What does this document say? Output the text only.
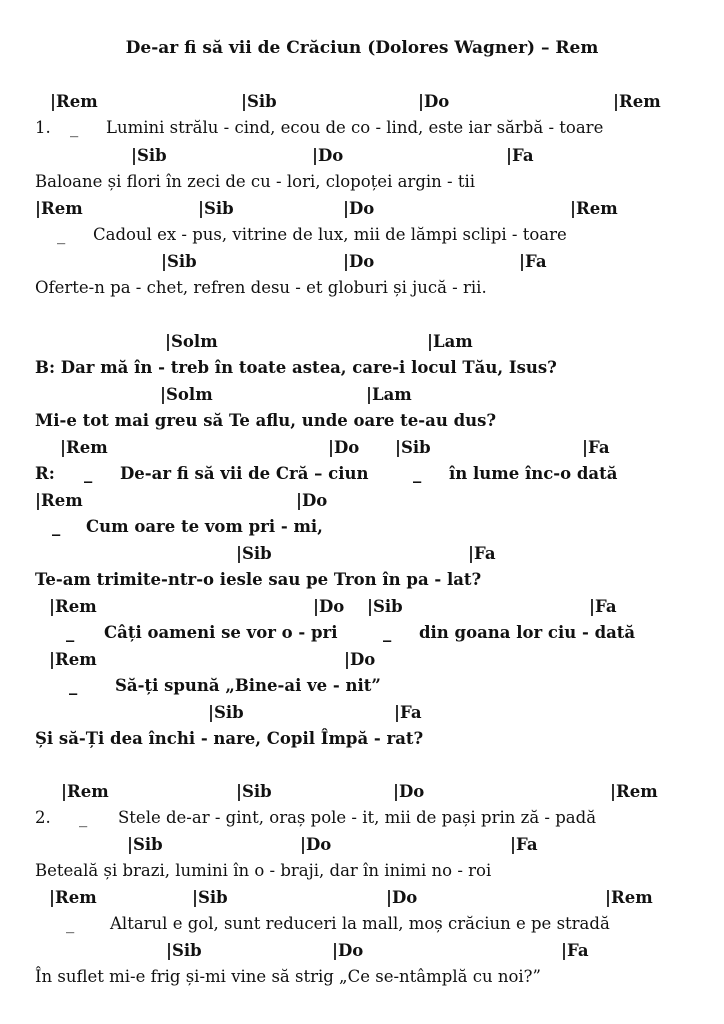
De-ar fi să vii de Crăciun (Dolores Wagner) – Rem
|Rem	|Sib	|Do	|Rem
1. _ Lumini strălu - cind, ecou de co - lind, este iar sărbă - toare
|Sib	|Do	|Fa
Baloane și flori în zeci de cu - lori, clopoței argin - tii
|Rem	|Sib	|Do	|Rem
_ Cadoul ex - pus, vitrine de lux, mii de lămpi sclipi - toare
|Sib	|Do	|Fa
Oferte-n pa - chet, refren desu - et globuri și jucă - rii.
|Solm	|Lam
B: Dar mă în - treb în toate astea, care-i locul Tău, Isus?
|Solm	|Lam
Mi-e tot mai greu să Te aflu, unde oare te-au dus?
|Rem	|Do |Sib	|Fa
R: _ De-ar fi să vii de Cră – ciun	_ în lume înc-o dată
|Rem	|Do
_ Cum oare te vom pri - mi,
|Sib	|Fa
Te-am trimite-ntr-o iesle sau pe Tron în pa - lat?
|Rem	|Do |Sib	|Fa
_ Câți oameni se vor o - pri	_ din goana lor ciu - dată
|Rem	|Do
_ Să-ți spună „Bine-ai ve - nit”
|Sib	|Fa
Și să-Ți dea închi - nare, Copil Împă - rat?
|Rem	|Sib	|Do	|Rem
2. _ Stele de-ar - gint, oraș pole - it, mii de pași prin ză - padă
|Sib	|Do	|Fa
Beteală și brazi, lumini în o - braji, dar în inimi no - roi
|Rem	|Sib	|Do	|Rem
_ Altarul e gol, sunt reduceri la mall, moș crăciun e pe stradă
|Sib	|Do	|Fa
În suflet mi-e frig și-mi vine să strig „Ce se-ntâmplă cu noi?”
